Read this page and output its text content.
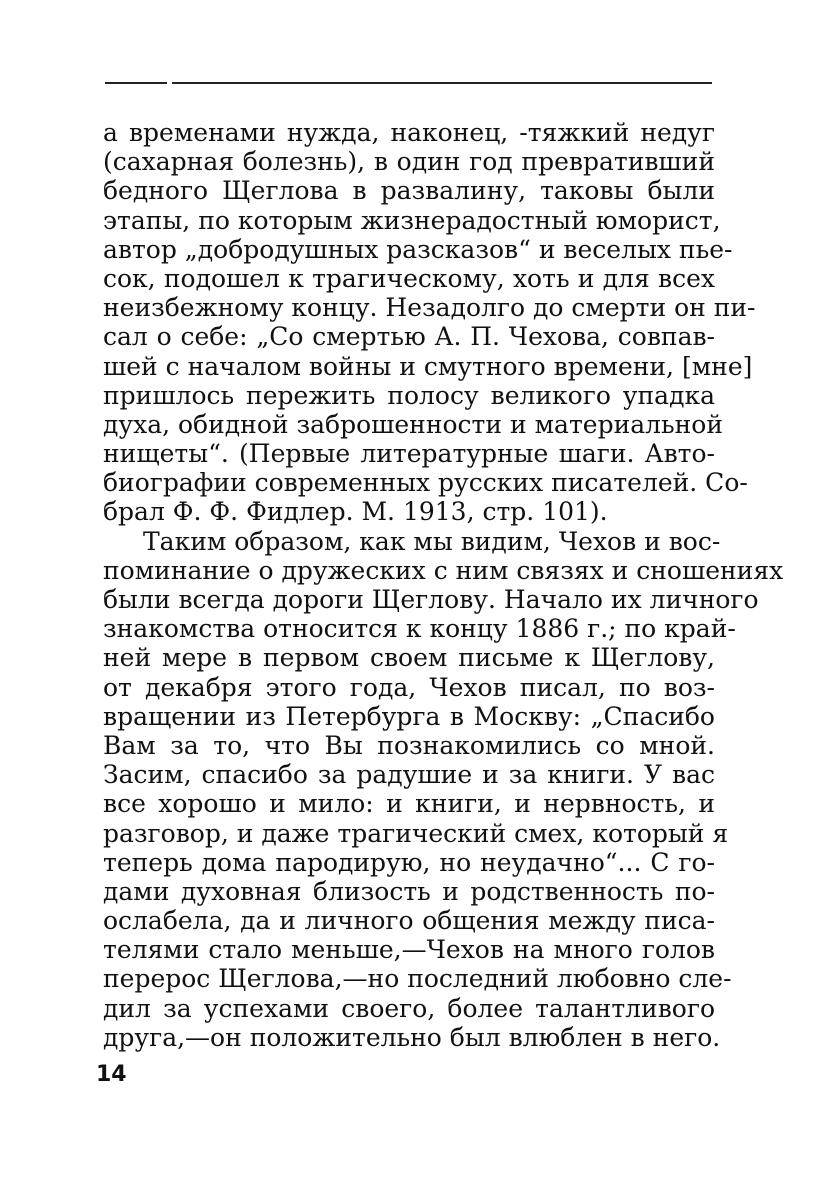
а временами нужда, наконец, -тяжкий недуг
(сахарная болезнь), в один год превративший
бедного Щеглова в развалину, таковы были
этапы, по которым жизнерадостный юморист,
автор „добродушных разсказов“ и веселых пье-
сок, подошел к трагическому, хоть и для всех
неизбежному концу. Незадолго до смерти он пи-
сал о себе: „Со смертью А. П. Чехова, совпав-
шей с началом войны и смутного времени, [мне]
пришлось пережить полосу великого упадка
духа, обидной заброшенности и материальной
нищеты“. (Первые литературные шаги. Авто-
биографии современных русских писателей. Со-
брал Ф. Ф. Фидлер. М. 1913, стр. 101).
Таким образом, как мы видим, Чехов и вос-
поминание о дружеских с ним связях и сношениях
были всегда дороги Щеглову. Начало их личного
знакомства относится к концу 1886 г.; по край-
ней мере в первом своем письме к Щеглову,
от декабря этого года, Чехов писал, по воз-
вращении из Петербурга в Москву: „Спасибо
Вам за то, что Вы познакомились со мной.
Засим, спасибо за радушие и за книги. У вас
все хорошо и мило: и книги, и нервность, и
разговор, и даже трагический смех, который я
теперь дома пародирую, но неудачно“... С го-
дами духовная близость и родственность по-
ослабела, да и личного общения между писа-
телями стало меньше,—Чехов на много голов
перерос Щеглова,—но последний любовно сле-
дил за успехами своего, более талантливого
друга,—он положительно был влюблен в него.
14
